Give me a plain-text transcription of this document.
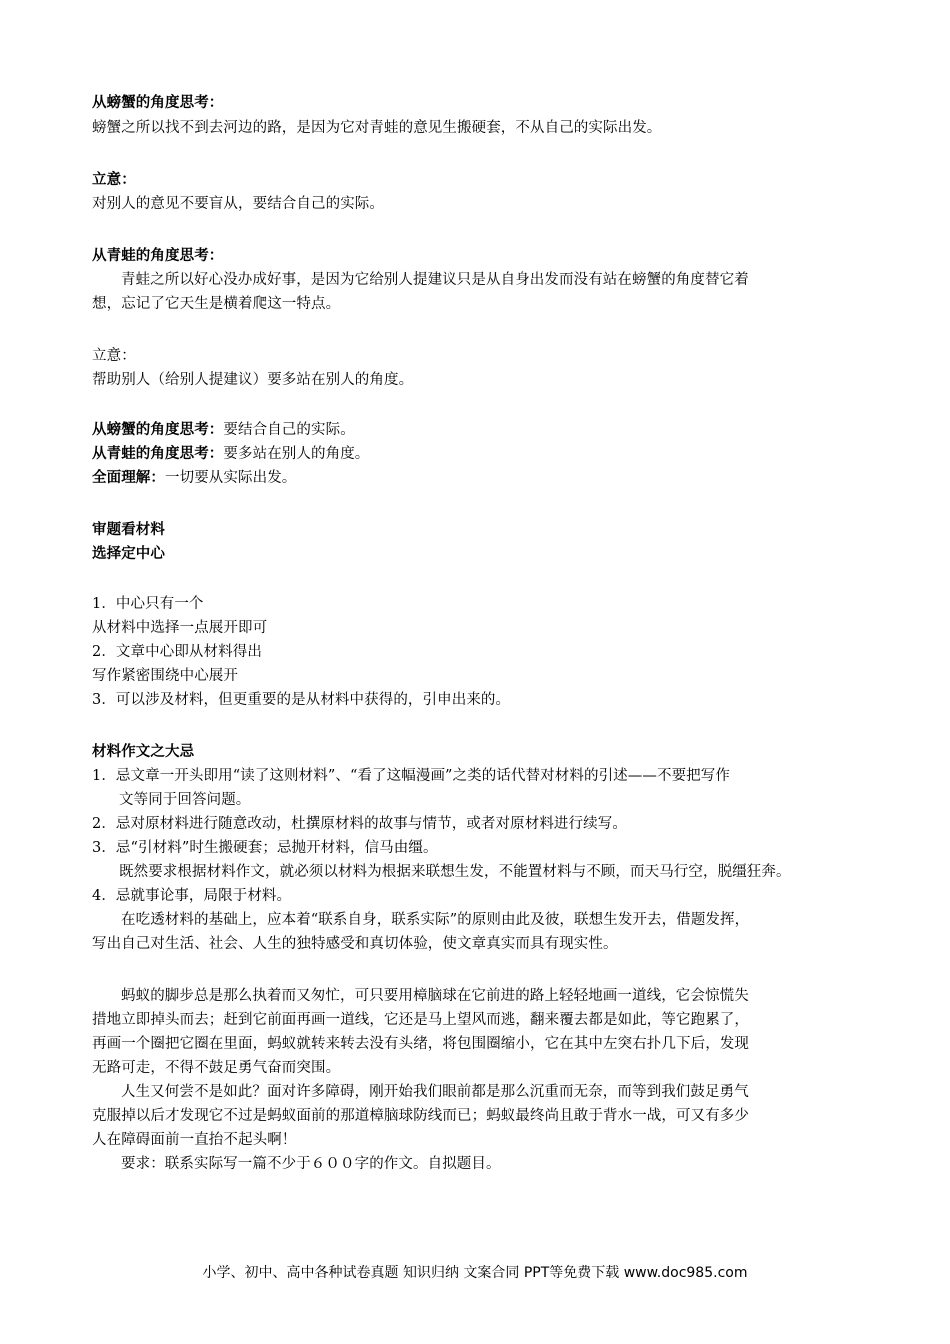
从螃蟹的角度思考：
螃蟹之所以找不到去河边的路，是因为它对青蛙的意见生搬硬套，不从自己的实际出发。
立意：
对别人的意见不要盲从，要结合自己的实际。
从青蛙的角度思考：
青蛙之所以好心没办成好事，是因为它给别人提建议只是从自身出发而没有站在螃蟹的角度替它着
想，忘记了它天生是横着爬这一特点。
立意：
帮助别人（给别人提建议）要多站在别人的角度。
从螃蟹的角度思考：要结合自己的实际。
从青蛙的角度思考：要多站在别人的角度。
全面理解：一切要从实际出发。
审题看材料
选择定中心
1．中心只有一个
从材料中选择一点展开即可
2．文章中心即从材料得出
写作紧密围绕中心展开
3．可以涉及材料，但更重要的是从材料中获得的，引申出来的。
材料作文之大忌
1．忌文章一开头即用“读了这则材料”、“看了这幅漫画”之类的话代替对材料的引述——不要把写作
文等同于回答问题。
2．忌对原材料进行随意改动，杜撰原材料的故事与情节，或者对原材料进行续写。
3．忌“引材料”时生搬硬套；忌抛开材料，信马由缰。
既然要求根据材料作文，就必须以材料为根据来联想生发，不能置材料与不顾，而天马行空，脱缰狂奔。
4．忌就事论事，局限于材料。
在吃透材料的基础上，应本着“联系自身，联系实际”的原则由此及彼，联想生发开去，借题发挥，
写出自己对生活、社会、人生的独特感受和真切体验，使文章真实而具有现实性。
蚂蚁的脚步总是那么执着而又匆忙，可只要用樟脑球在它前进的路上轻轻地画一道线，它会惊慌失
措地立即掉头而去；赶到它前面再画一道线，它还是马上望风而逃，翻来覆去都是如此，等它跑累了，
再画一个圈把它圈在里面，蚂蚁就转来转去没有头绪，将包围圈缩小，它在其中左突右扑几下后，发现
无路可走，不得不鼓足勇气奋而突围。
人生又何尝不是如此？面对许多障碍，刚开始我们眼前都是那么沉重而无奈，而等到我们鼓足勇气
克服掉以后才发现它不过是蚂蚁面前的那道樟脑球防线而已；蚂蚁最终尚且敢于背水一战，可又有多少
人在障碍面前一直抬不起头啊！
要求：联系实际写一篇不少于６００字的作文。自拟题目。
小学、初中、高中各种试卷真题 知识归纳 文案合同 PPT等免费下载 www.doc985.com
